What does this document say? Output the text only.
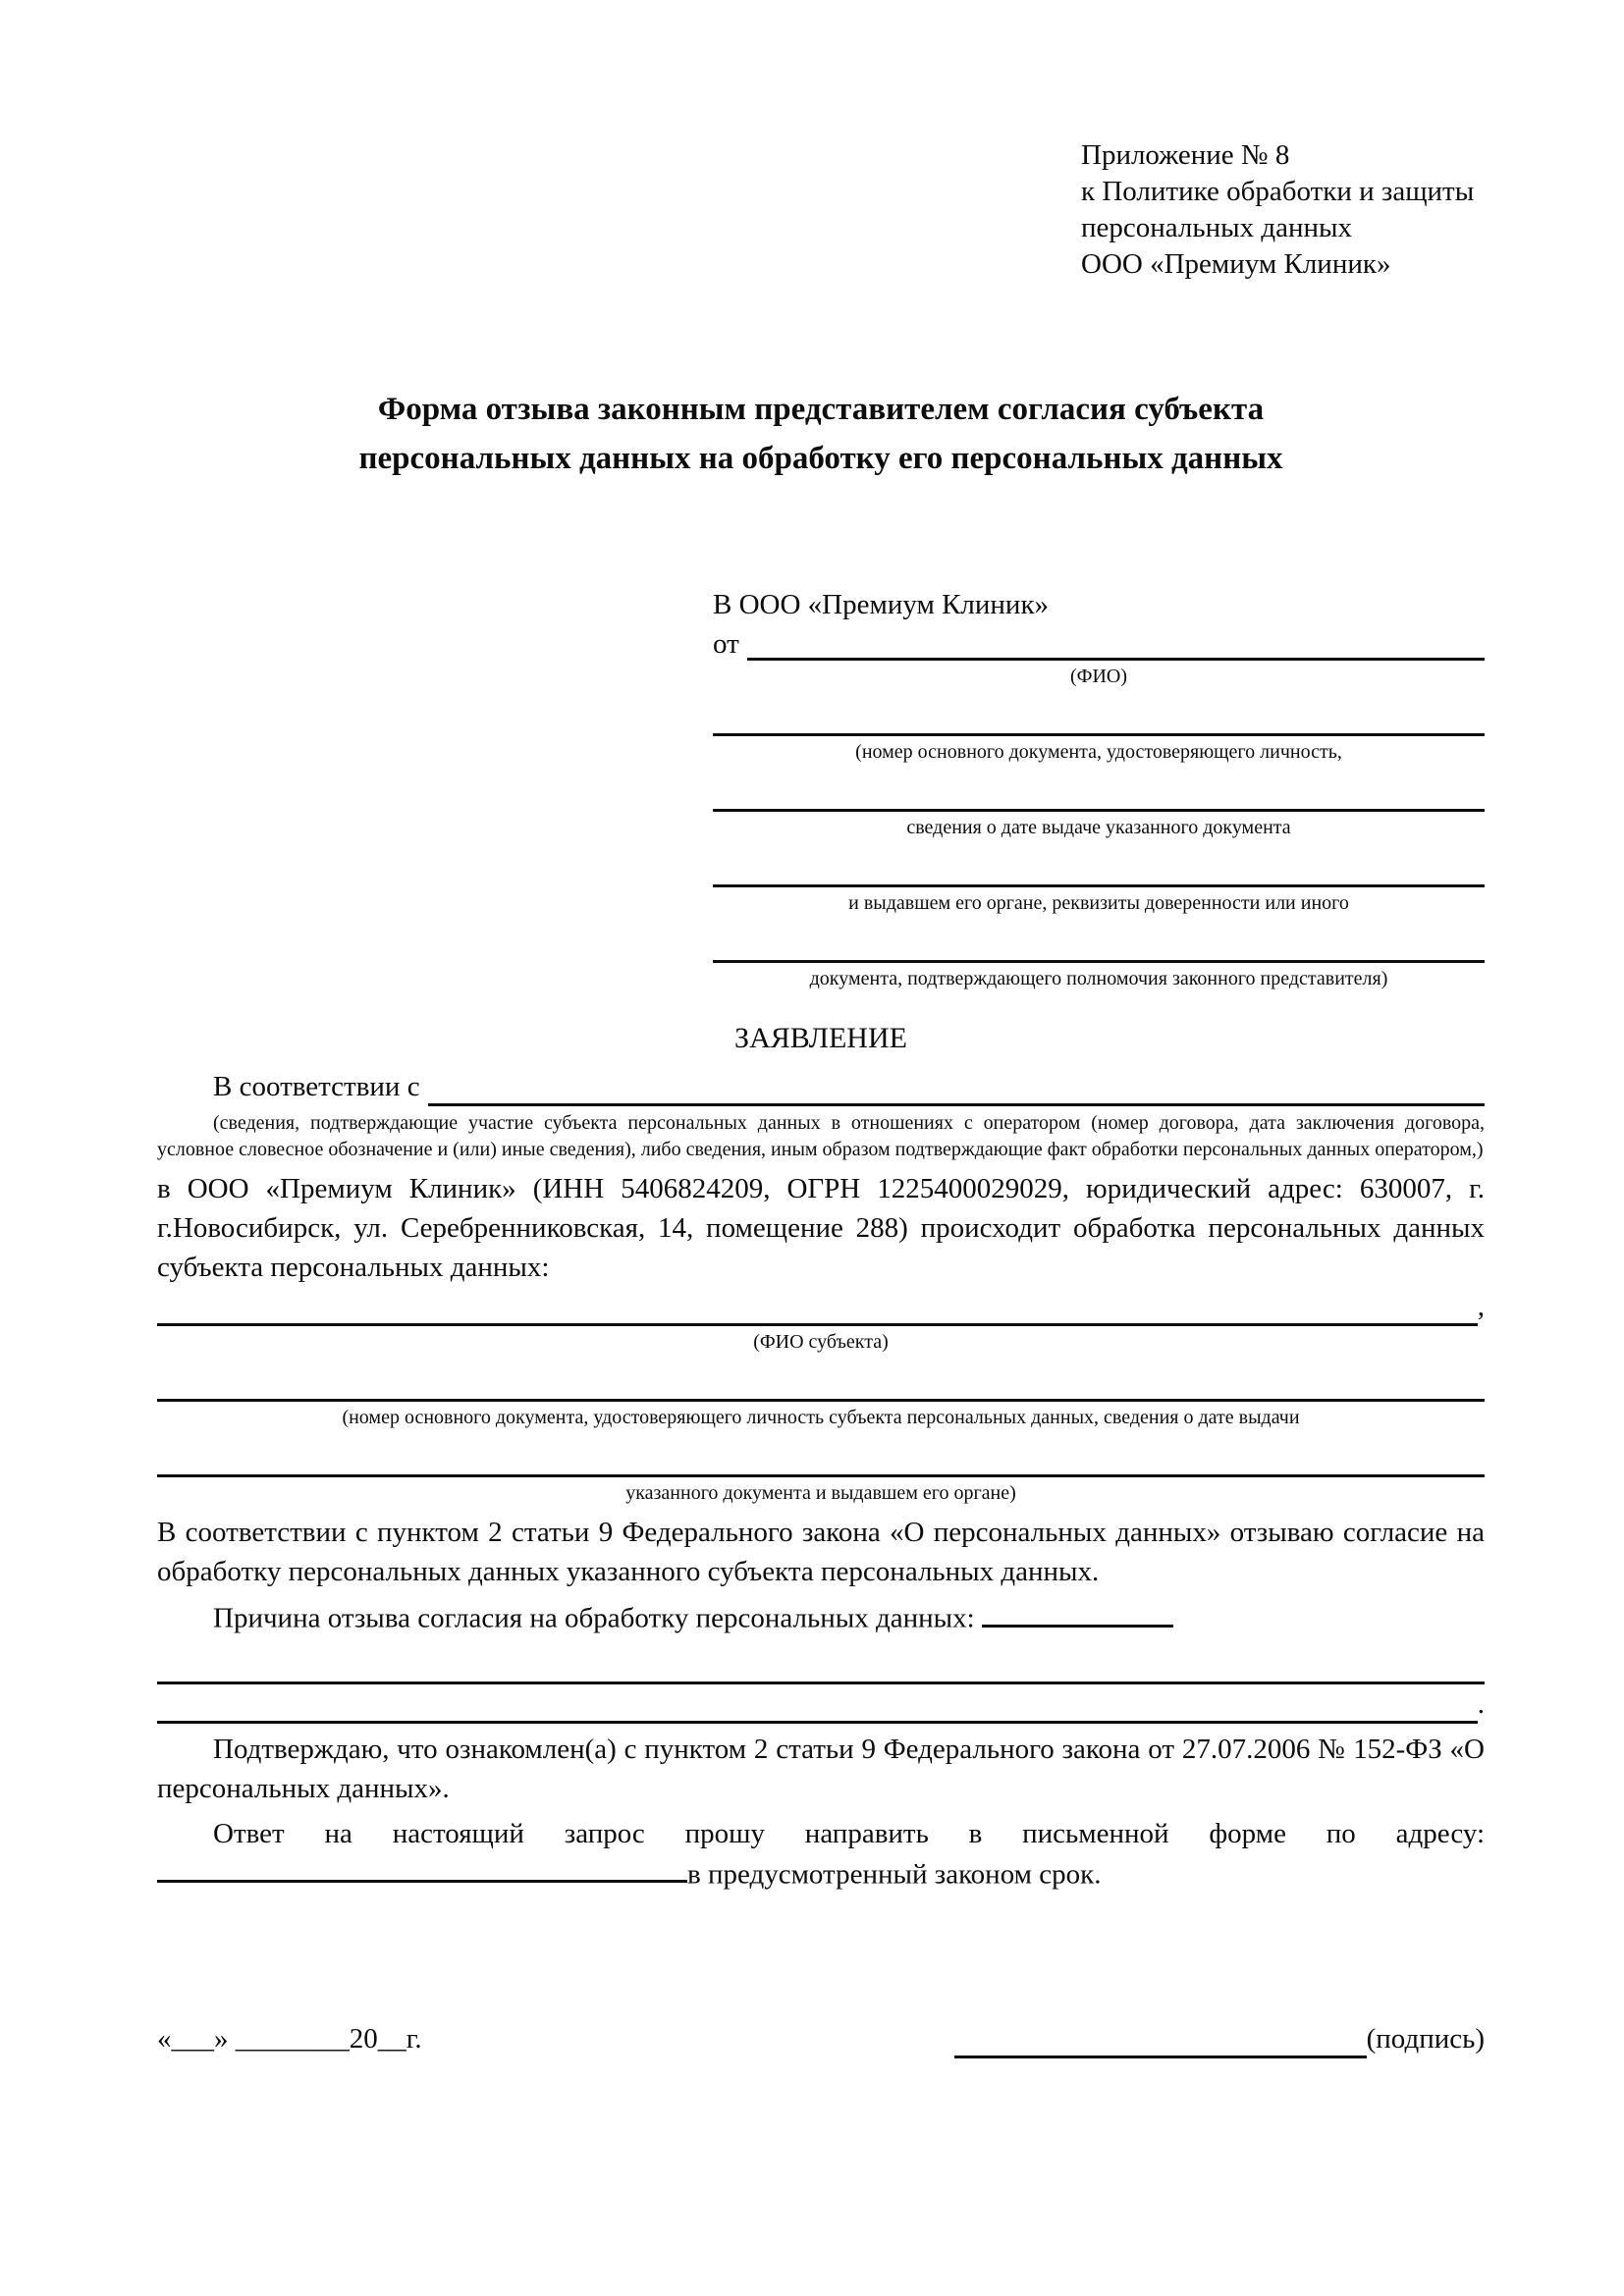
Приложение № 8
к Политике обработки и защиты
персональных данных
ООО «Премиум Клиник»
Форма отзыва законным представителем согласия субъекта персональных данных на обработку его персональных данных
В ООО «Премиум Клиник»
от
(ФИО)
(номер основного документа, удостоверяющего личность,
сведения о дате выдаче указанного документа
и выдавшем его органе, реквизиты доверенности или иного
документа, подтверждающего полномочия законного представителя)
ЗАЯВЛЕНИЕ
В соответствии с

(сведения, подтверждающие участие субъекта персональных данных в отношениях с оператором (номер договора, дата заключения договора, условное словесное обозначение и (или) иные сведения), либо сведения, иным образом подтверждающие факт обработки персональных данных оператором,)

в ООО «Премиум Клиник» (ИНН 5406824209, ОГРН 1225400029029, юридический адрес: 630007, г. г.Новосибирск, ул. Серебренниковская, 14, помещение 288) происходит обработка персональных данных субъекта персональных данных:

,
(ФИО субъекта)
(номер основного документа, удостоверяющего личность субъекта персональных данных, сведения о дате выдачи
указанного документа и выдавшем его органе)

В соответствии с пунктом 2 статьи 9 Федерального закона «О персональных данных» отзываю согласие на обработку персональных данных указанного субъекта персональных данных.

Причина отзыва согласия на обработку персональных данных:

.

Подтверждаю, что ознакомлен(а) с пунктом 2 статьи 9 Федерального закона от 27.07.2006 № 152-ФЗ «О персональных данных».

Ответ на настоящий запрос прошу направить в письменной форме по адресу: в предусмотренный законом срок.

«___» ________20__г.	(подпись)
